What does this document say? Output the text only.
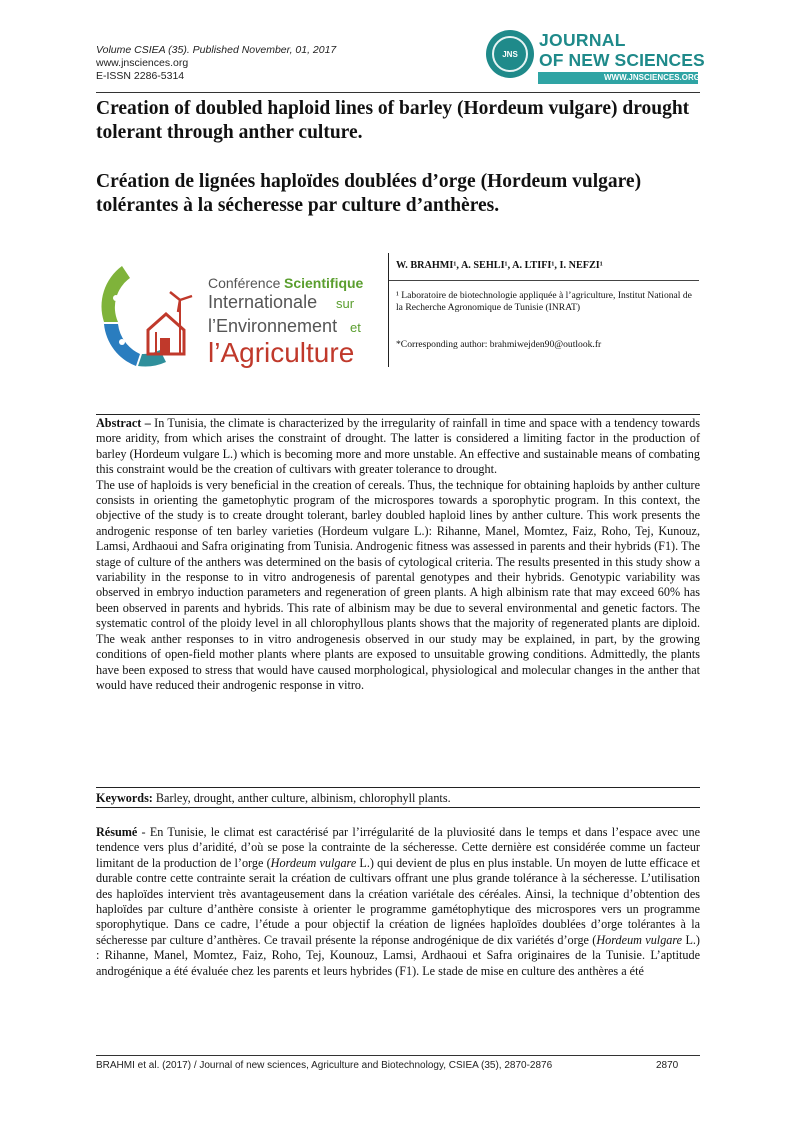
Volume CSIEA (35). Published November, 01, 2017
www.jnsciences.org
E-ISSN 2286-5314
JNS
JOURNAL
OF NEW SCIENCES
WWW.JNSCIENCES.ORG
Creation of doubled haploid lines of barley (Hordeum vulgare) drought tolerant through anther culture.
Création de lignées haploïdes doublées d’orge (Hordeum vulgare) tolérantes à la sécheresse par culture d’anthères.
Conférence Scientifique
Internationale sur
l’Environnement et
l’Agriculture
W. BRAHMI¹, A. SEHLI¹, A. LTIFI¹, I. NEFZI¹
¹ Laboratoire de biotechnologie appliquée à l’agriculture, Institut National de la Recherche Agronomique de Tunisie (INRAT)
*Corresponding author: brahmiwejden90@outlook.fr

Abstract – In Tunisia, the climate is characterized by the irregularity of rainfall in time and space with a tendency towards more aridity, from which arises the constraint of drought. The latter is considered a limiting factor in the production of barley (Hordeum vulgare L.) which is becoming more and more unstable. An effective and sustainable means of combating this constraint would be the creation of cultivars with greater tolerance to drought.

The use of haploids is very beneficial in the creation of cereals. Thus, the technique for obtaining haploids by anther culture consists in orienting the gametophytic program of the microspores towards a sporophytic program. In this context, the objective of the study is to create drought tolerant, barley doubled haploid lines by anther culture. This work presents the androgenic response of ten barley varieties (Hordeum vulgare L.): Rihanne, Manel, Momtez, Faiz, Roho, Tej, Kunouz, Lamsi, Ardhaoui and Safra originating from Tunisia. Androgenic fitness was assessed in parents and their hybrids (F1). The stage of culture of the anthers was determined on the basis of cytological criteria. The results presented in this study show a variability in the response to in vitro androgenesis of parental genotypes and their hybrids. Genotypic variability was observed in embryo induction parameters and regeneration of green plants. A high albinism rate that may exceed 60% has been observed in parents and hybrids. This rate of albinism may be due to several environmental and genetic factors. The systematic control of the ploidy level in all chlorophyllous plants shows that the majority of regenerated plants are diploid. The weak anther responses to in vitro androgenesis observed in our study may be explained, in part, by the growing conditions of open-field mother plants where plants are exposed to unsuitable growing conditions. Admittedly, the plants have been exposed to stress that would have caused morphological, physiological and molecular changes in the anther that would have reduced their androgenic response in vitro.

Keywords: Barley, drought, anther culture, albinism, chlorophyll plants.
Résumé - En Tunisie, le climat est caractérisé par l’irrégularité de la pluviosité dans le temps et dans l’espace avec une tendence vers plus d’aridité, d’où se pose la contrainte de la sécheresse. Cette dernière est considérée comme un facteur limitant de la production de l’orge (Hordeum vulgare L.) qui devient de plus en plus instable. Un moyen de lutte efficace et durable contre cette contrainte serait la création de cultivars offrant une plus grande tolérance à la sécheresse. L’utilisation des haploïdes intervient très avantageusement dans la création variétale des céréales. Ainsi, la technique d’obtention des haploïdes par culture d’anthère consiste à orienter le programme gamétophytique des microspores vers un programme sporophytique. Dans ce cadre, l’étude a pour objectif la création de lignées haploïdes doublées d’orge tolérantes à la sécheresse par culture d’anthères. Ce travail présente la réponse androgénique de dix variétés d’orge (Hordeum vulgare L.) : Rihanne, Manel, Momtez, Faiz, Roho, Tej, Kounouz, Lamsi, Ardhaoui et Safra originaires de la Tunisie. L’aptitude androgénique a été évaluée chez les parents et leurs hybrides (F1). Le stade de mise en culture des anthères a été
BRAHMI et al. (2017) / Journal of new sciences, Agriculture and Biotechnology, CSIEA (35), 2870-2876	2870
